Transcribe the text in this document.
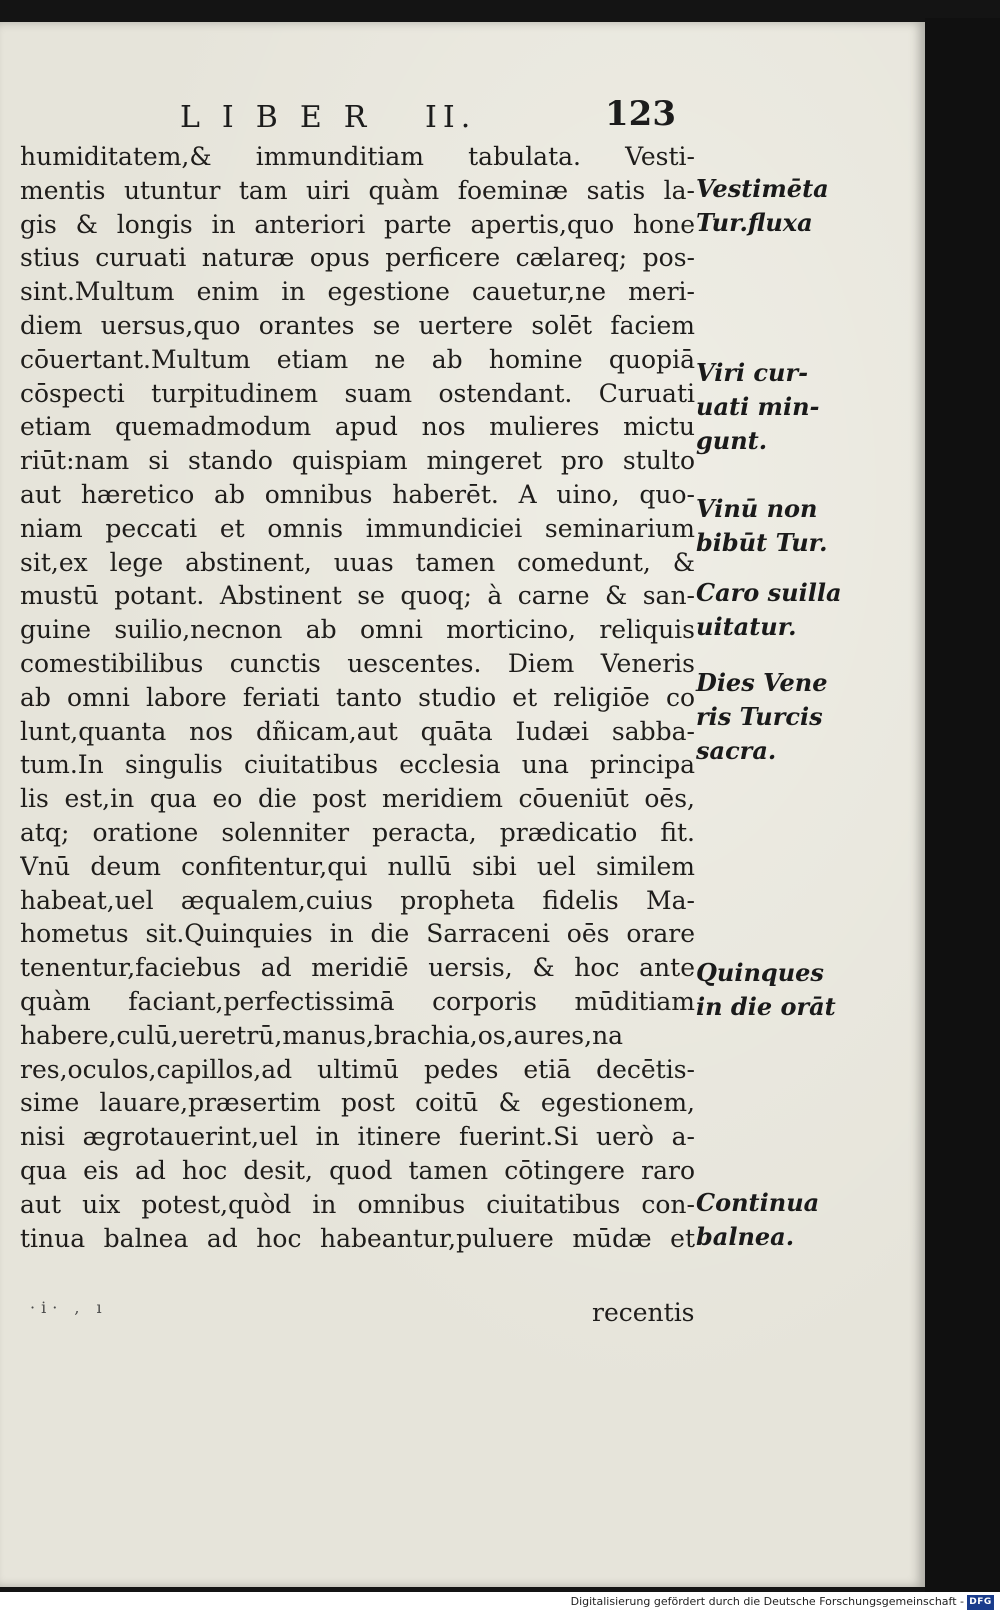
LIBER II.	123
humiditatem,& immunditiam tabulata. Vesti-
mentis utuntur tam uiri quàm foeminæ satis la-
gis & longis in anteriori parte apertis,quo hone
stius curuati naturæ opus perficere cælareq; pos-
sint.Multum enim in egestione cauetur,ne meri-
diem uersus,quo orantes se uertere solēt faciem
cōuertant.Multum etiam ne ab homine quopiā
cōspecti turpitudinem suam ostendant. Curuati
etiam quemadmodum apud nos mulieres mictu
riūt:nam si stando quispiam mingeret pro stulto
aut hæretico ab omnibus haberēt. A uino, quo-
niam peccati et omnis immundiciei seminarium
sit,ex lege abstinent, uuas tamen comedunt, &
mustū potant. Abstinent se quoq; à carne & san-
guine suilio,necnon ab omni morticino, reliquis
comestibilibus cunctis uescentes. Diem Veneris
ab omni labore feriati tanto studio et religiōe co
lunt,quanta nos dñicam,aut quāta Iudæi sabba-
tum.In singulis ciuitatibus ecclesia una principa
lis est,in qua eo die post meridiem cōueniūt oēs,
atq; oratione solenniter peracta, prædicatio fit.
Vnū deum confitentur,qui nullū sibi uel similem
habeat,uel æqualem,cuius propheta fidelis Ma-
hometus sit.Quinquies in die Sarraceni oēs orare
tenentur,faciebus ad meridiē uersis, & hoc ante
quàm faciant,perfectissimā corporis mūditiam
habere,culū,ueretrū,manus,brachia,os,aures,na
res,oculos,capillos,ad ultimū pedes etiā decētis-
sime lauare,præsertim post coitū & egestionem,
nisi ægrotauerint,uel in itinere fuerint.Si uerò a-
qua eis ad hoc desit, quod tamen cōtingere raro
aut uix potest,quòd in omnibus ciuitatibus con-
tinua balnea ad hoc habeantur,puluere mūdæ et
·i· , ı	recentis
Vestimēta
Tur.fluxa
Viri cur-
uati min-
gunt.
Vinū non
bibūt Tur.
Caro suilla
uitatur.
Dies Vene
ris Turcis
sacra.
Quinques
in die orāt
Continua
balnea.
Digitalisierung gefördert durch die Deutsche Forschungsgemeinschaft - DFG
